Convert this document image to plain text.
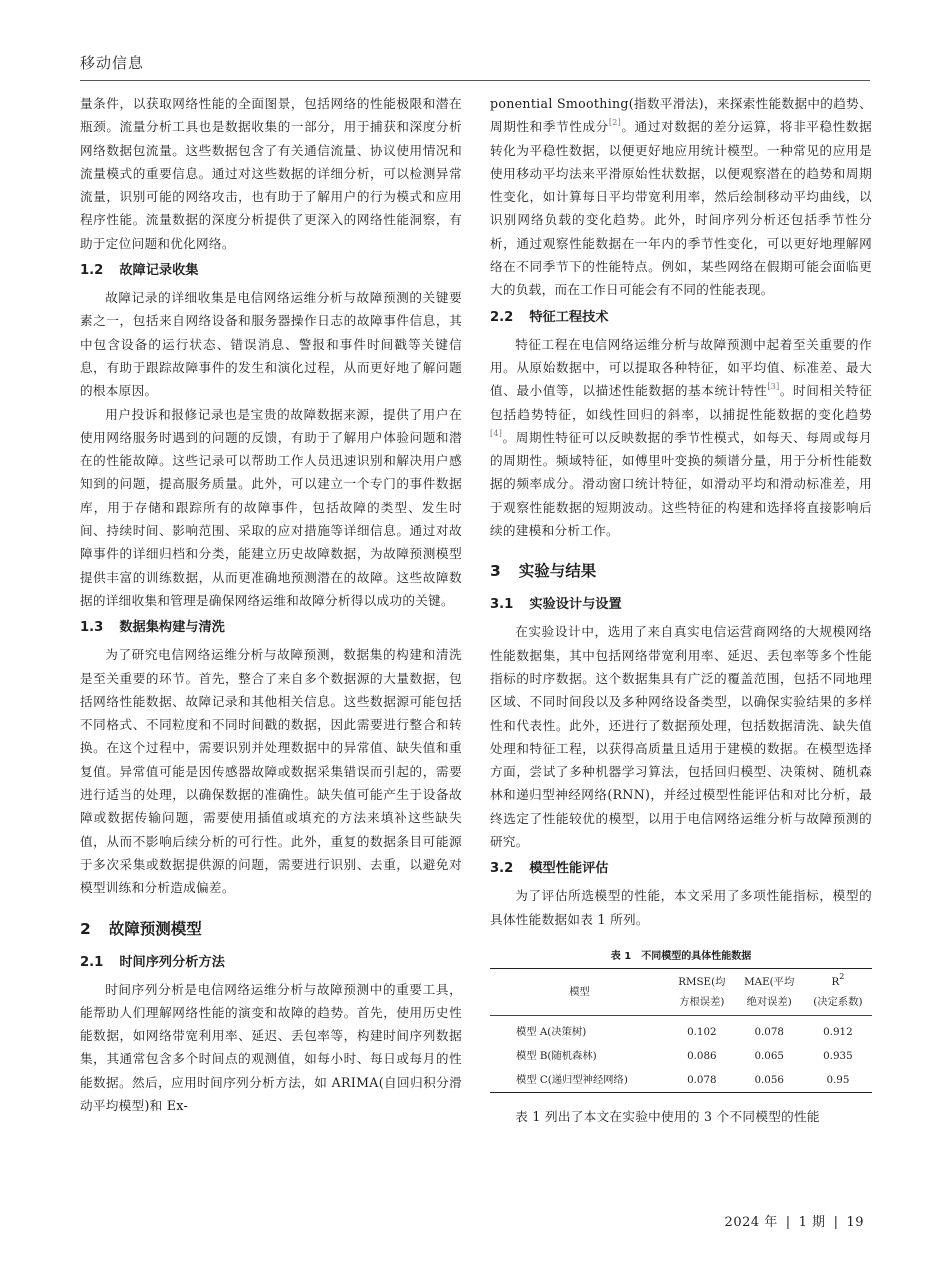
移动信息

量条件，以获取网络性能的全面图景，包括网络的性能极限和潜在瓶颈。流量分析工具也是数据收集的一部分，用于捕获和深度分析网络数据包流量。这些数据包含了有关通信流量、协议使用情况和流量模式的重要信息。通过对这些数据的详细分析，可以检测异常流量，识别可能的网络攻击，也有助于了解用户的行为模式和应用程序性能。流量数据的深度分析提供了更深入的网络性能洞察，有助于定位问题和优化网络。

1.2 故障记录收集

故障记录的详细收集是电信网络运维分析与故障预测的关键要素之一，包括来自网络设备和服务器操作日志的故障事件信息，其中包含设备的运行状态、错误消息、警报和事件时间戳等关键信息，有助于跟踪故障事件的发生和演化过程，从而更好地了解问题的根本原因。

用户投诉和报修记录也是宝贵的故障数据来源，提供了用户在使用网络服务时遇到的问题的反馈，有助于了解用户体验问题和潜在的性能故障。这些记录可以帮助工作人员迅速识别和解决用户感知到的问题，提高服务质量。此外，可以建立一个专门的事件数据库，用于存储和跟踪所有的故障事件，包括故障的类型、发生时间、持续时间、影响范围、采取的应对措施等详细信息。通过对故障事件的详细归档和分类，能建立历史故障数据，为故障预测模型提供丰富的训练数据，从而更准确地预测潜在的故障。这些故障数据的详细收集和管理是确保网络运维和故障分析得以成功的关键。

1.3 数据集构建与清洗

为了研究电信网络运维分析与故障预测，数据集的构建和清洗是至关重要的环节。首先，整合了来自多个数据源的大量数据，包括网络性能数据、故障记录和其他相关信息。这些数据源可能包括不同格式、不同粒度和不同时间戳的数据，因此需要进行整合和转换。在这个过程中，需要识别并处理数据中的异常值、缺失值和重复值。异常值可能是因传感器故障或数据采集错误而引起的，需要进行适当的处理，以确保数据的准确性。缺失值可能产生于设备故障或数据传输问题，需要使用插值或填充的方法来填补这些缺失值，从而不影响后续分析的可行性。此外，重复的数据条目可能源于多次采集或数据提供源的问题，需要进行识别、去重，以避免对模型训练和分析造成偏差。

2 故障预测模型
2.1 时间序列分析方法

时间序列分析是电信网络运维分析与故障预测中的重要工具，能帮助人们理解网络性能的演变和故障的趋势。首先，使用历史性能数据，如网络带宽利用率、延迟、丢包率等，构建时间序列数据集，其通常包含多个时间点的观测值，如每小时、每日或每月的性能数据。然后，应用时间序列分析方法，如 ARIMA(自回归积分滑动平均模型)和 Ex-

ponential Smoothing(指数平滑法)，来探索性能数据中的趋势、周期性和季节性成分[2]。通过对数据的差分运算，将非平稳性数据转化为平稳性数据，以便更好地应用统计模型。一种常见的应用是使用移动平均法来平滑原始性状数据，以便观察潜在的趋势和周期性变化，如计算每日平均带宽利用率，然后绘制移动平均曲线，以识别网络负载的变化趋势。此外，时间序列分析还包括季节性分析，通过观察性能数据在一年内的季节性变化，可以更好地理解网络在不同季节下的性能特点。例如，某些网络在假期可能会面临更大的负载，而在工作日可能会有不同的性能表现。

2.2 特征工程技术

特征工程在电信网络运维分析与故障预测中起着至关重要的作用。从原始数据中，可以提取各种特征，如平均值、标准差、最大值、最小值等，以描述性能数据的基本统计特性[3]。时间相关特征包括趋势特征，如线性回归的斜率，以捕捉性能数据的变化趋势[4]。周期性特征可以反映数据的季节性模式，如每天、每周或每月的周期性。频域特征，如傅里叶变换的频谱分量，用于分析性能数据的频率成分。滑动窗口统计特征，如滑动平均和滑动标准差，用于观察性能数据的短期波动。这些特征的构建和选择将直接影响后续的建模和分析工作。

3 实验与结果
3.1 实验设计与设置

在实验设计中，选用了来自真实电信运营商网络的大规模网络性能数据集，其中包括网络带宽利用率、延迟、丢包率等多个性能指标的时序数据。这个数据集具有广泛的覆盖范围，包括不同地理区域、不同时间段以及多种网络设备类型，以确保实验结果的多样性和代表性。此外，还进行了数据预处理，包括数据清洗、缺失值处理和特征工程，以获得高质量且适用于建模的数据。在模型选择方面，尝试了多种机器学习算法，包括回归模型、决策树、随机森林和递归型神经网络(RNN)，并经过模型性能评估和对比分析，最终选定了性能较优的模型，以用于电信网络运维分析与故障预测的研究。

3.2 模型性能评估

为了评估所选模型的性能，本文采用了多项性能指标，模型的具体性能数据如表 1 所列。

表 1　不同模型的具体性能数据
模型	RMSE(均
方根误差)	MAE(平均
绝对误差)	$R^2$
(决定系数)
模型 A(决策树)	0.102	0.078	0.912
模型 B(随机森林)	0.086	0.065	0.935
模型 C(递归型神经网络)	0.078	0.056	0.95

表 1 列出了本文在实验中使用的 3 个不同模型的性能

2024 年 | 1 期 | 19
